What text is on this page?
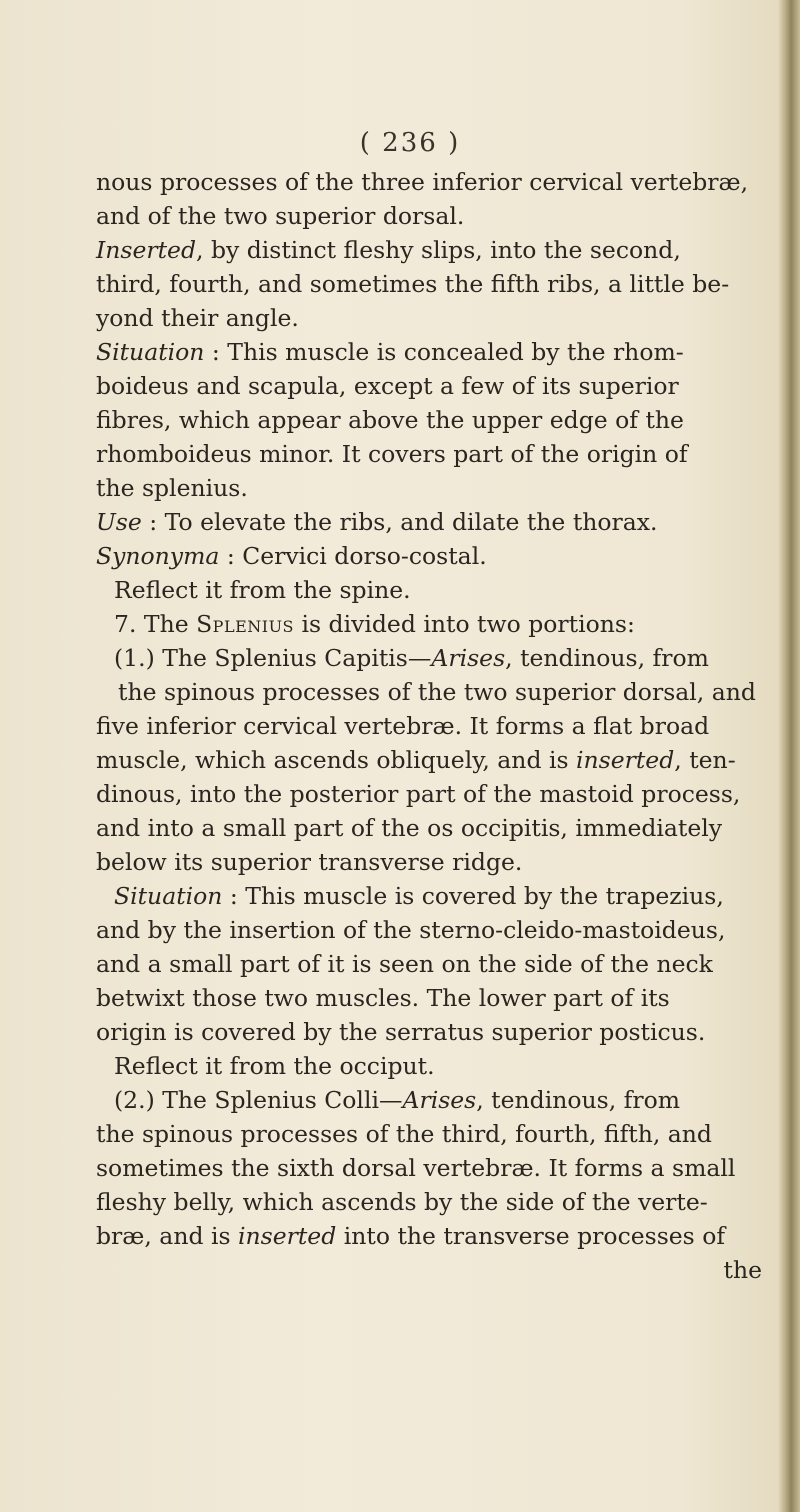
( 236 )
nous processes of the three inferior cervical vertebræ,
and of the two superior dorsal.
Inserted, by distinct fleshy slips, into the second,
third, fourth, and sometimes the fifth ribs, a little be-
yond their angle.
Situation : This muscle is concealed by the rhom-
boideus and scapula, except a few of its superior
fibres, which appear above the upper edge of the
rhomboideus minor. It covers part of the origin of
the splenius.
Use : To elevate the ribs, and dilate the thorax.
Synonyma : Cervici dorso-costal.
Reflect it from the spine.
7. The Splenius is divided into two portions:
(1.) The Splenius Capitis—Arises, tendinous, from
the spinous processes of the two superior dorsal, and
five inferior cervical vertebræ. It forms a flat broad
muscle, which ascends obliquely, and is inserted, ten-
dinous, into the posterior part of the mastoid process,
and into a small part of the os occipitis, immediately
below its superior transverse ridge.
Situation : This muscle is covered by the trapezius,
and by the insertion of the sterno-cleido-mastoideus,
and a small part of it is seen on the side of the neck
betwixt those two muscles. The lower part of its
origin is covered by the serratus superior posticus.
Reflect it from the occiput.
(2.) The Splenius Colli—Arises, tendinous, from
the spinous processes of the third, fourth, fifth, and
sometimes the sixth dorsal vertebræ. It forms a small
fleshy belly, which ascends by the side of the verte-
bræ, and is inserted into the transverse processes of
the
